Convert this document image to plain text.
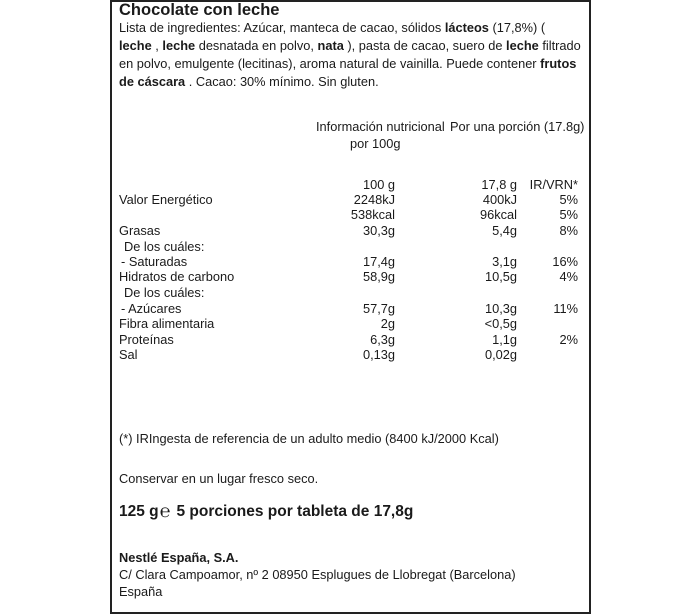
Chocolate con leche
Lista de ingredientes: Azúcar, manteca de cacao, sólidos lácteos (17,8%) ( leche , leche desnatada en polvo, nata ), pasta de cacao, suero de leche filtrado en polvo, emulgente (lecitinas), aroma natural de vainilla. Puede contener frutos de cáscara . Cacao: 30% mínimo. Sin gluten.
Información nutricional
por 100g
Por una porción (17.8g)
100 g	17,8 g IR/VRN*
Valor Energético	2248kJ	400kJ	5%
538kcal	96kcal	5%
Grasas	30,3g	5,4g	8%
De los cuáles:
- Saturadas	17,4g	3,1g	16%
Hidratos de carbono	58,9g	10,5g	4%
De los cuáles:
- Azúcares	57,7g	10,3g	11%
Fibra alimentaria	2g	<0,5g
Proteínas	6,3g	1,1g	2%
Sal	0,13g	0,02g
(*) IRIngesta de referencia de un adulto medio (8400 kJ/2000 Kcal)
Conservar en un lugar fresco seco.
125 g℮ 5 porciones por tableta de 17,8g
Nestlé España, S.A.
C/ Clara Campoamor, nº 2 08950 Esplugues de Llobregat (Barcelona)
España
